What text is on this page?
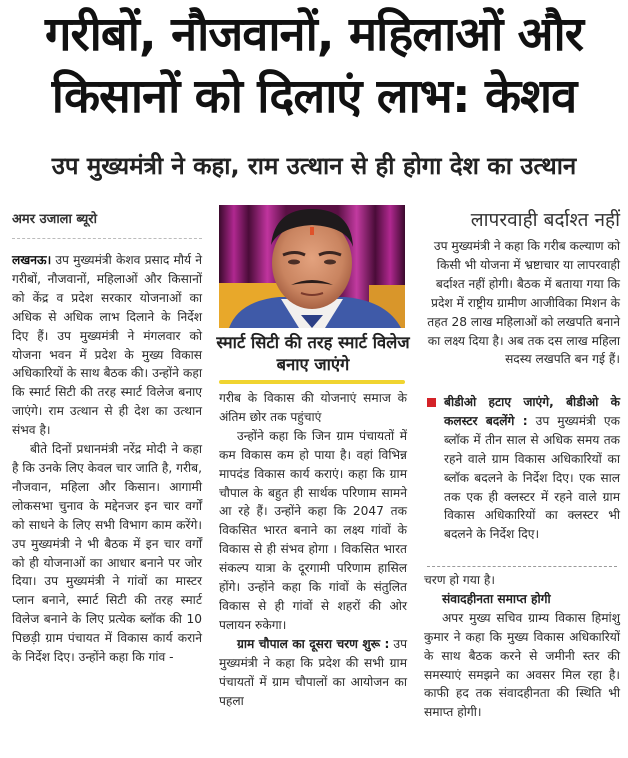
गरीबों, नौजवानों, महिलाओं और
किसानों को दिलाएं लाभ: केशव
उप मुख्यमंत्री ने कहा, राम उत्थान से ही होगा देश का उत्थान
अमर उजाला ब्यूरो

लखनऊ। उप मुख्यमंत्री केशव प्रसाद मौर्य ने गरीबों, नौजवानों, महिलाओं और किसानों को केंद्र व प्रदेश सरकार योजनाओं का अधिक से अधिक लाभ दिलाने के निर्देश दिए हैं। उप मुख्यमंत्री ने मंगलवार को योजना भवन में प्रदेश के मुख्य विकास अधिकारियों के साथ बैठक की। उन्होंने कहा कि स्मार्ट सिटी की तरह स्मार्ट विलेज बनाए जाएंगे। राम उत्थान से ही देश का उत्थान संभव है।

बीते दिनों प्रधानमंत्री नरेंद्र मोदी ने कहा है कि उनके लिए केवल चार जाति है, गरीब, नौजवान, महिला और किसान। आगामी लोकसभा चुनाव के मद्देनजर इन चार वर्गों को साधने के लिए सभी विभाग काम करेंगे। उप मुख्यमंत्री ने भी बैठक में इन चार वर्गों को ही योजनाओं का आधार बनाने पर जोर दिया। उप मुख्यमंत्री ने गांवों का मास्टर प्लान बनाने, स्मार्ट सिटी की तरह स्मार्ट विलेज बनाने के लिए प्रत्येक ब्लॉक की 10 पिछड़ी ग्राम पंचायत में विकास कार्य कराने के निर्देश दिए। उन्होंने कहा कि गांव -

स्मार्ट सिटी की तरह स्मार्ट विलेज बनाए जाएंगे

गरीब के विकास की योजनाएं समाज के अंतिम छोर तक पहुंचाएं

उन्होंने कहा कि जिन ग्राम पंचायतों में कम विकास कम हो पाया है। वहां विभिन्न मापदंड विकास कार्य कराएं। कहा कि ग्राम चौपाल के बहुत ही सार्थक परिणाम सामने आ रहे हैं। उन्होंने कहा कि 2047 तक विकसित भारत बनाने का लक्ष्य गांवों के विकास से ही संभव होगा । विकसित भारत संकल्प यात्रा के दूरगामी परिणाम हासिल होंगे। उन्होंने कहा कि गांवों के संतुलित विकास से ही गांवों से शहरों की ओर पलायन रुकेगा।

ग्राम चौपाल का दूसरा चरण शुरू : उप मुख्यमंत्री ने कहा कि प्रदेश की सभी ग्राम पंचायतों में ग्राम चौपालों का आयोजन का पहला

लापरवाही बर्दाश्त नहीं

उप मुख्यमंत्री ने कहा कि गरीब कल्याण को किसी भी योजना में भ्रष्टाचार या लापरवाही बर्दाश्त नहीं होगी। बैठक में बताया गया कि प्रदेश में राष्ट्रीय ग्रामीण आजीविका मिशन के तहत 28 लाख महिलाओं को लखपति बनाने का लक्ष्य दिया है। अब तक दस लाख महिला सदस्य लखपति बन गई हैं।

बीडीओ हटाए जाएंगे, बीडीओ के कलस्टर बदलेंगे : उप मुख्यमंत्री एक ब्लॉक में तीन साल से अधिक समय तक रहने वाले ग्राम विकास अधिकारियों का ब्लॉक बदलने के निर्देश दिए। एक साल तक एक ही क्लस्टर में रहने वाले ग्राम विकास अधिकारियों का क्लस्टर भी बदलने के निर्देश दिए।

चरण हो गया है।

संवादहीनता समाप्त होगी

अपर मुख्य सचिव ग्राम्य विकास हिमांशु कुमार ने कहा कि मुख्य विकास अधिकारियों के साथ बैठक करने से जमीनी स्तर की समस्याएं समझने का अवसर मिल रहा है। काफी हद तक संवादहीनता की स्थिति भी समाप्त होगी।
